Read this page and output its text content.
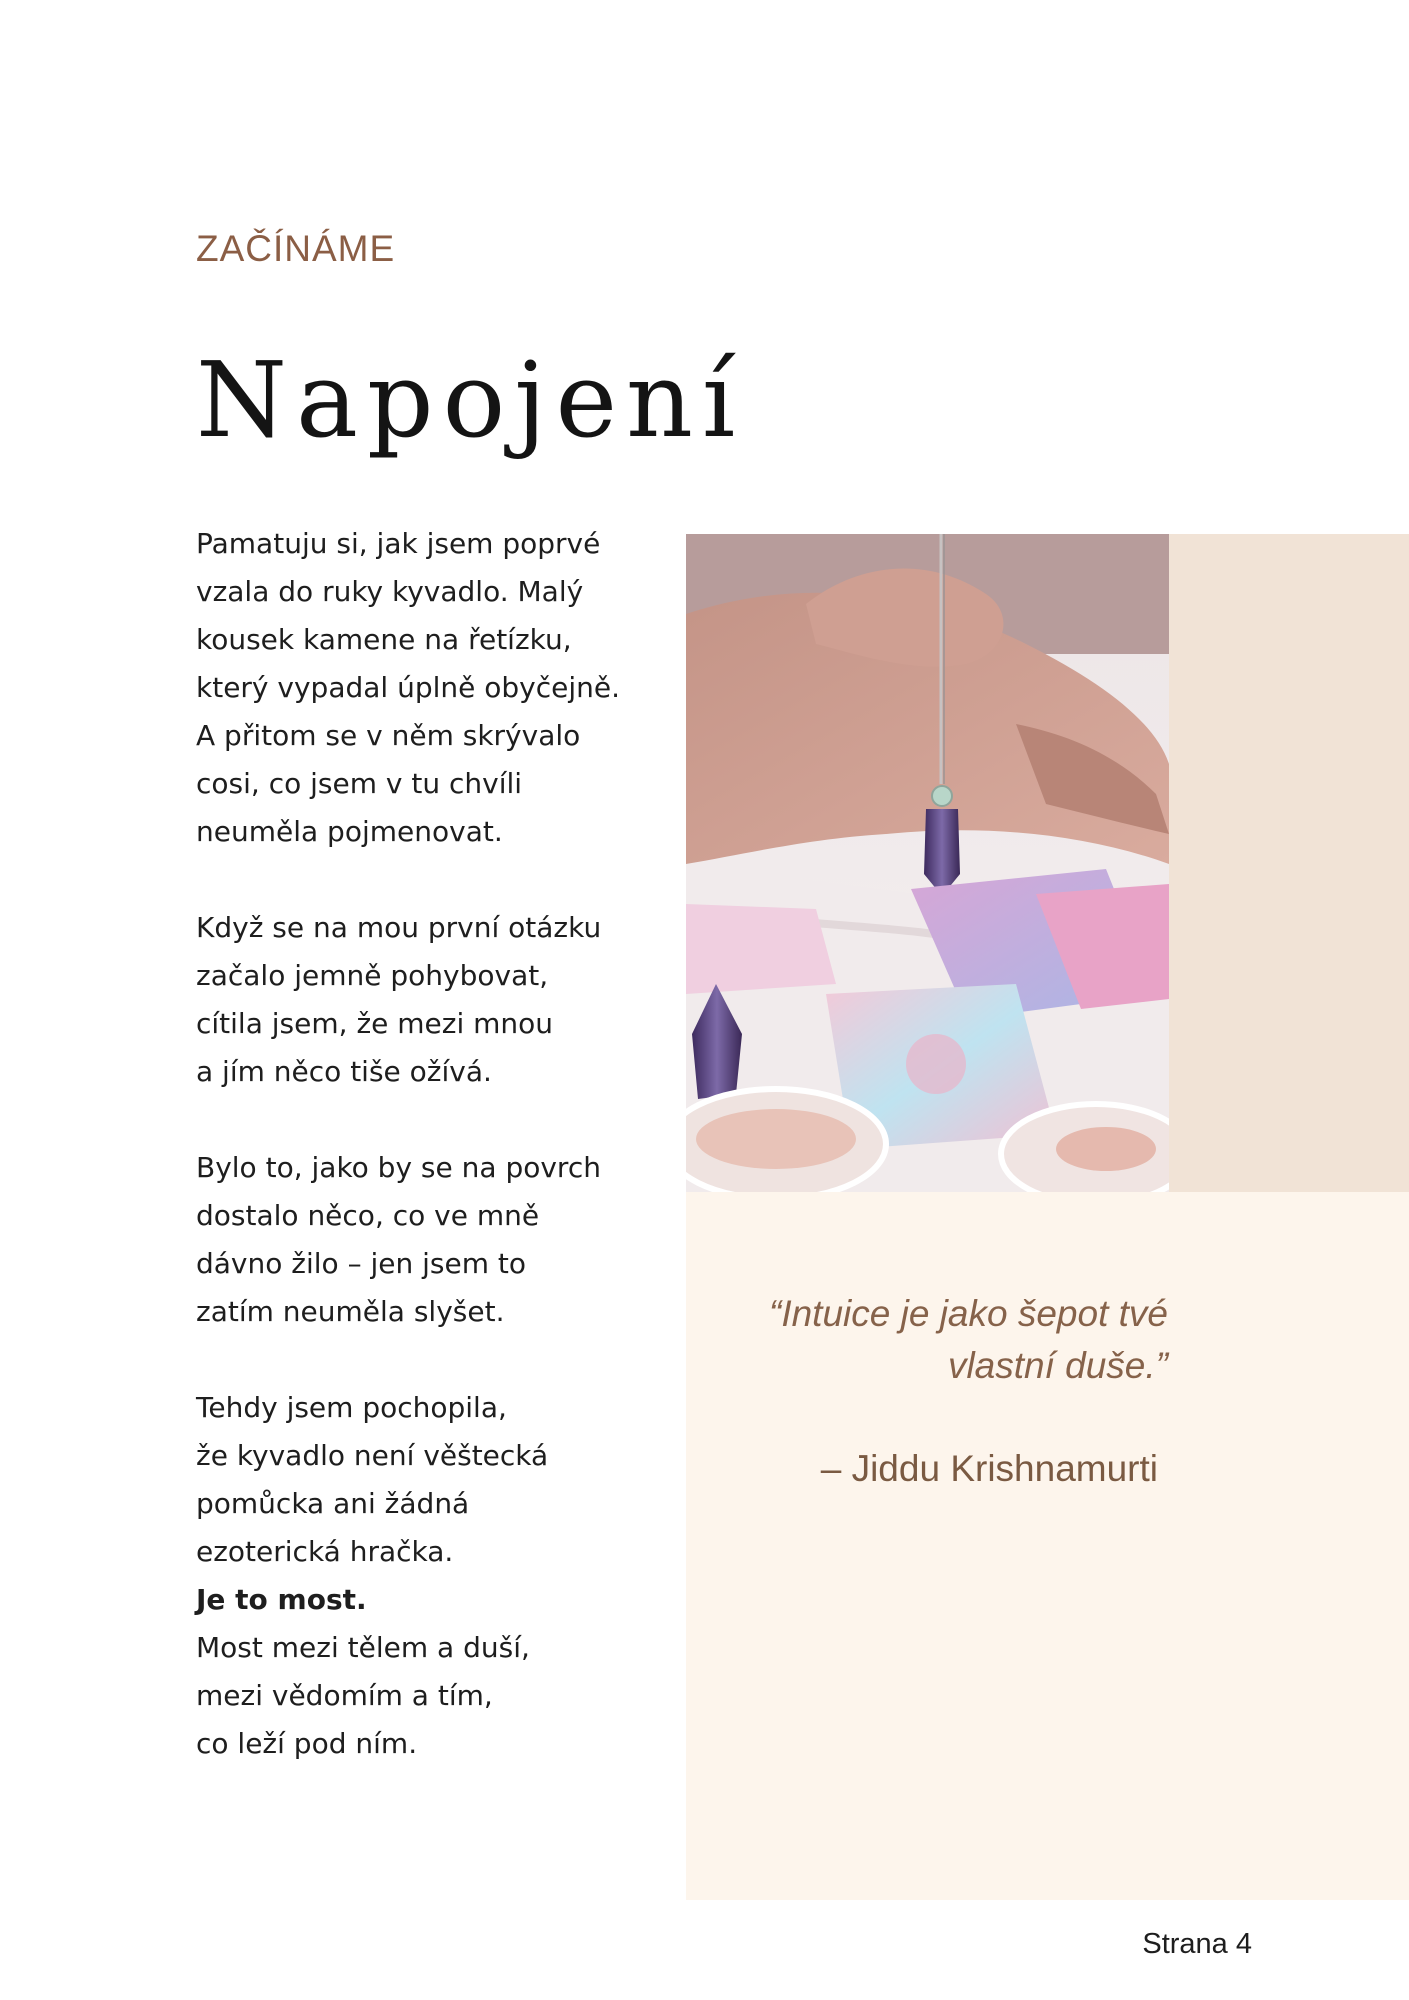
ZAČÍNÁME
Napojení

Pamatuju si, jak jsem poprvé
vzala do ruky kyvadlo. Malý
kousek kamene na řetízku,
který vypadal úplně obyčejně.
A přitom se v něm skrývalo
cosi, co jsem v tu chvíli
neuměla pojmenovat.

Když se na mou první otázku
začalo jemně pohybovat,
cítila jsem, že mezi mnou
a jím něco tiše ožívá.

Bylo to, jako by se na povrch
dostalo něco, co ve mně
dávno žilo – jen jsem to
zatím neuměla slyšet.

Tehdy jsem pochopila,
že kyvadlo není věštecká
pomůcka ani žádná
ezoterická hračka.
Je to most.
Most mezi tělem a duší,
mezi vědomím a tím,
co leží pod ním.

“Intuice je jako šepot tvé
vlastní duše.”
– Jiddu Krishnamurti
Strana 4
